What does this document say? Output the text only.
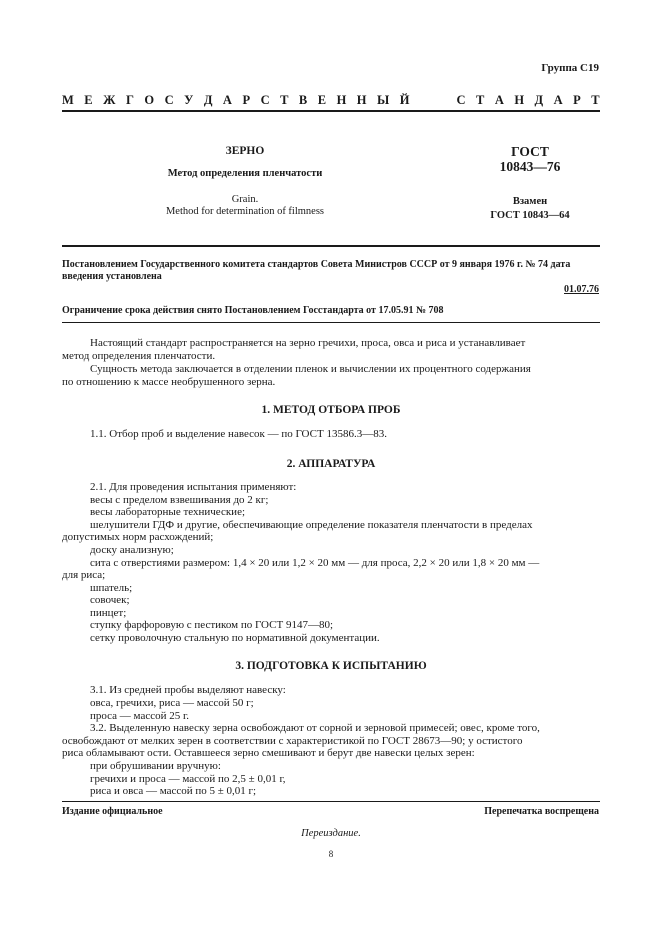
Группа С19
М Е Ж Г О С У Д А Р С Т В Е Н Н Ы Й	С Т А Н Д А Р Т
ЗЕРНО
Метод определения пленчатости
Grain.
Method for determination of filmness
ГОСТ
10843—76
Взамен
ГОСТ 10843—64
Постановлением Государственного комитета стандартов Совета Министров СССР от 9 января 1976 г. № 74 дата
введения установлена
01.07.76
Ограничение срока действия снято Постановлением Госстандарта от 17.05.91 № 708
Настоящий стандарт распространяется на зерно гречихи, проса, овса и риса и устанавливает
метод определения пленчатости.
Сущность метода заключается в отделении пленок и вычислении их процентного содержания
по отношению к массе необрушенного зерна.
1. МЕТОД ОТБОРА ПРОБ
1.1. Отбор проб и выделение навесок — по ГОСТ 13586.3—83.
2. АППАРАТУРА
2.1. Для проведения испытания применяют:
весы с пределом взвешивания до 2 кг;
весы лабораторные технические;
шелушители ГДФ и другие, обеспечивающие определение показателя пленчатости в пределах
допустимых норм расхождений;
доску анализную;
сита с отверстиями размером: 1,4 × 20 или 1,2 × 20 мм — для проса, 2,2 × 20 или 1,8 × 20 мм —
для риса;
шпатель;
совочек;
пинцет;
ступку фарфоровую с пестиком по ГОСТ 9147—80;
сетку проволочную стальную по нормативной документации.
3. ПОДГОТОВКА К ИСПЫТАНИЮ
3.1. Из средней пробы выделяют навеску:
овса, гречихи, риса — массой 50 г;
проса — массой 25 г.
3.2. Выделенную навеску зерна освобождают от сорной и зерновой примесей; овес, кроме того,
освобождают от мелких зерен в соответствии с характеристикой по ГОСТ 28673—90; у остистого
риса обламывают ости. Оставшееся зерно смешивают и берут две навески целых зерен:
при обрушивании вручную:
гречихи и проса — массой по 2,5 ± 0,01 г,
риса и овса — массой по 5 ± 0,01 г;
Издание официальное	Перепечатка воспрещена
Переиздание.
8
